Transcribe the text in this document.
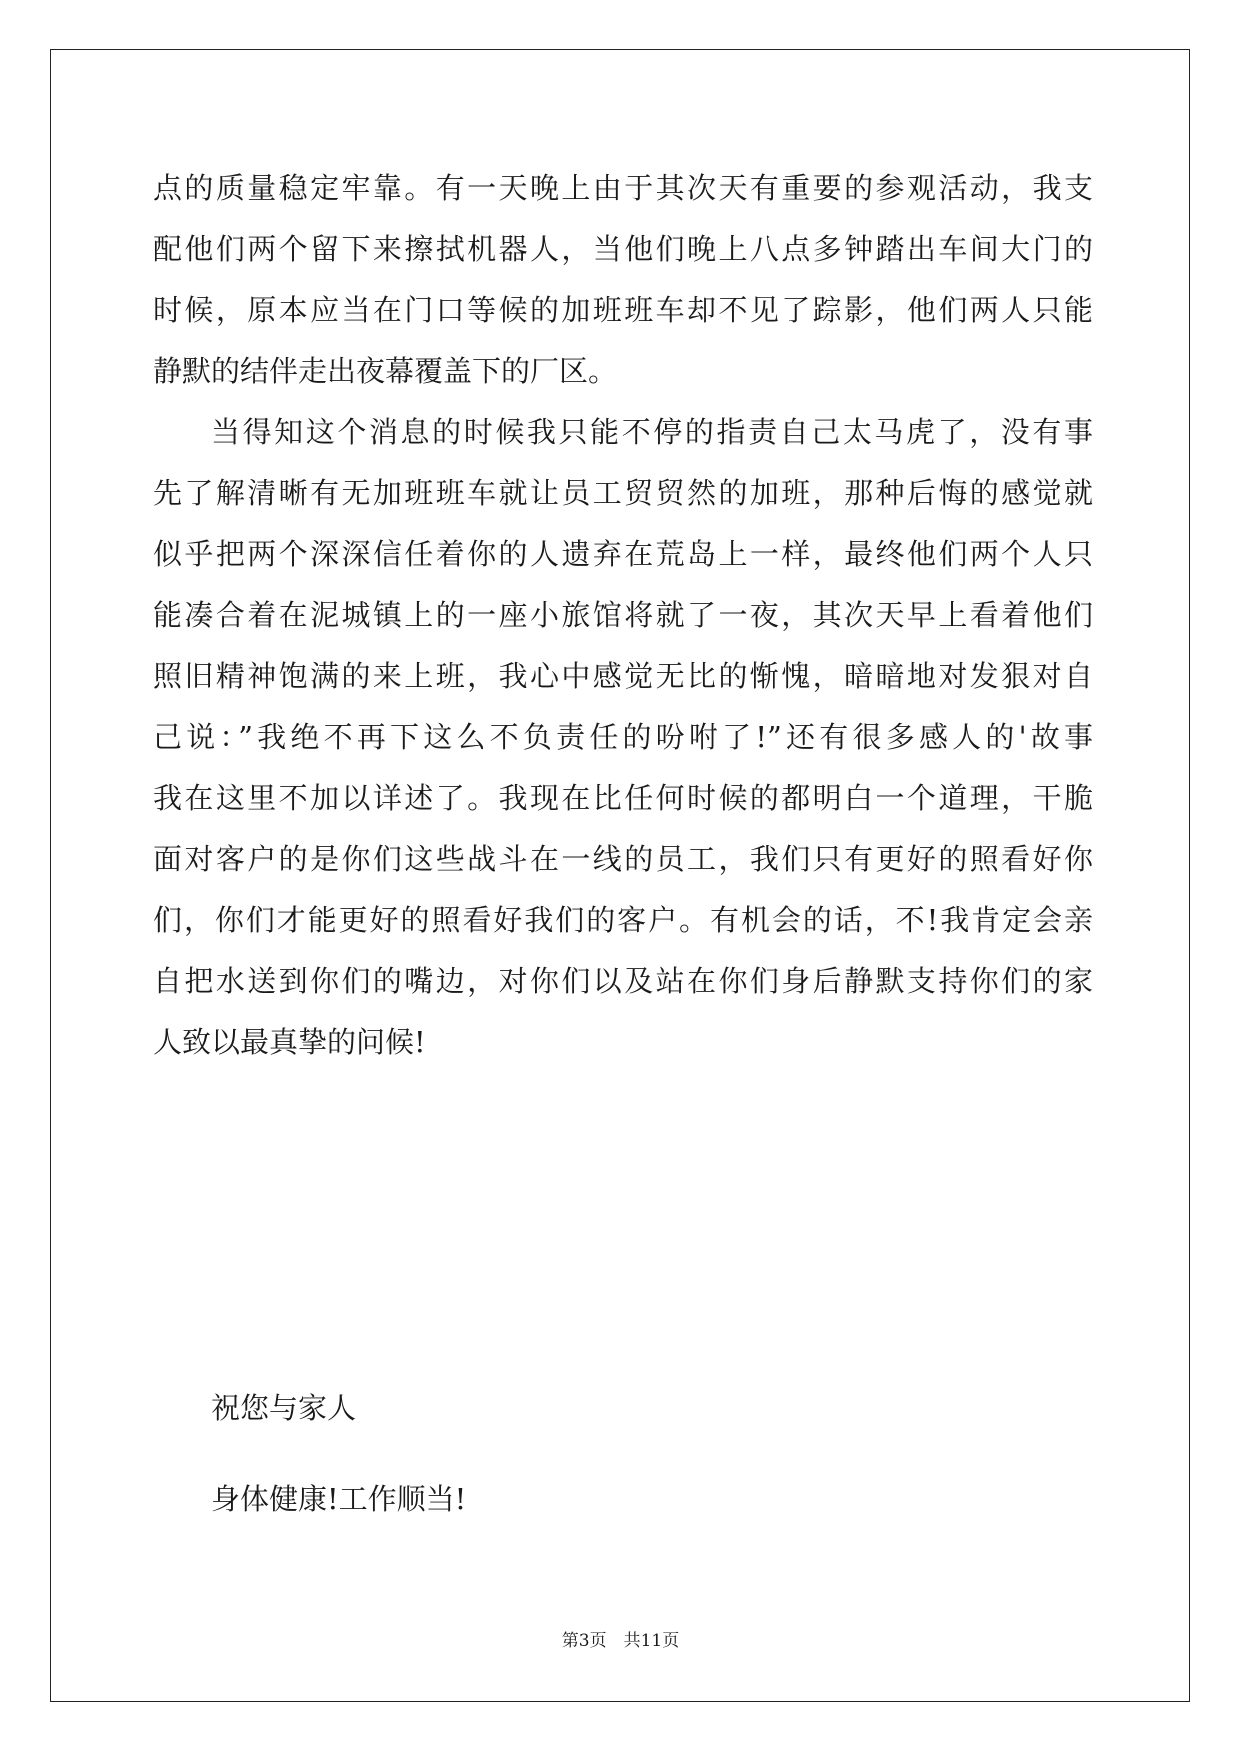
点的质量稳定牢靠。有一天晚上由于其次天有重要的参观活动，我支
配他们两个留下来擦拭机器人，当他们晚上八点多钟踏出车间大门的
时候，原本应当在门口等候的加班班车却不见了踪影，他们两人只能
静默的结伴走出夜幕覆盖下的厂区。

当得知这个消息的时候我只能不停的指责自己太马虎了，没有事
先了解清晰有无加班班车就让员工贸贸然的加班，那种后悔的感觉就
似乎把两个深深信任着你的人遗弃在荒岛上一样，最终他们两个人只
能凑合着在泥城镇上的一座小旅馆将就了一夜，其次天早上看着他们
照旧精神饱满的来上班，我心中感觉无比的惭愧，暗暗地对发狠对自
己说：”我绝不再下这么不负责任的吩咐了!”还有很多感人的'故事
我在这里不加以详述了。我现在比任何时候的都明白一个道理，干脆
面对客户的是你们这些战斗在一线的员工，我们只有更好的照看好你
们，你们才能更好的照看好我们的客户。有机会的话，不!我肯定会亲
自把水送到你们的嘴边，对你们以及站在你们身后静默支持你们的家
人致以最真挚的问候!

祝您与家人
身体健康!工作顺当!
第3页　共11页
